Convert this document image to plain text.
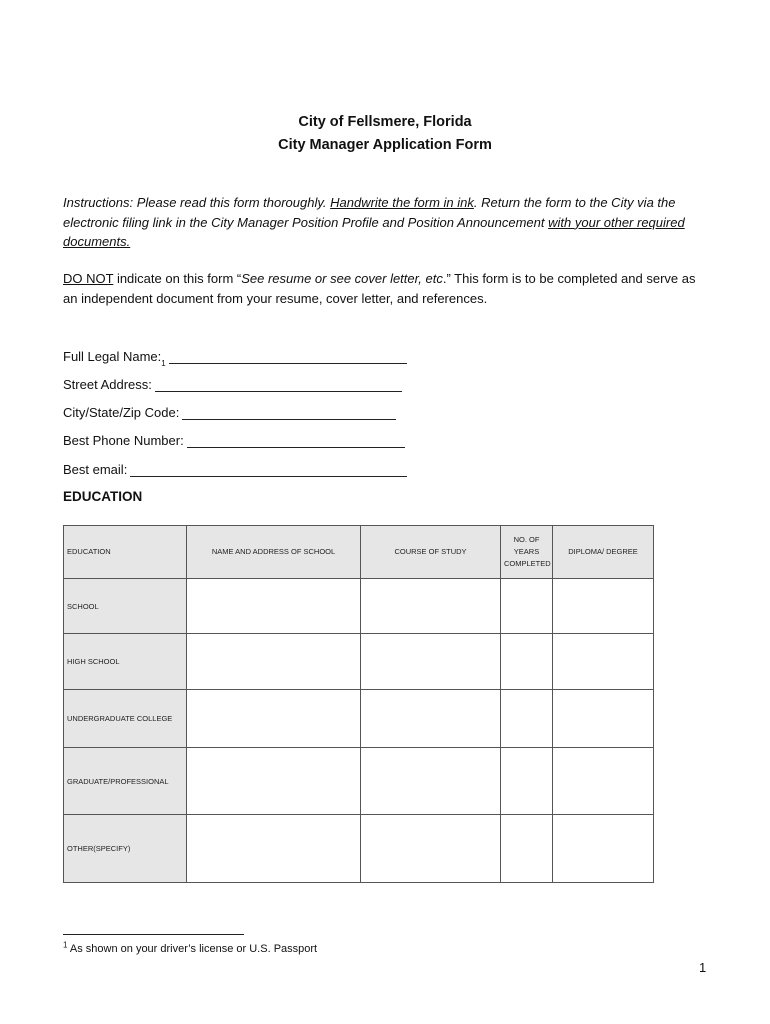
City of Fellsmere, Florida
City Manager Application Form
Instructions: Please read this form thoroughly. Handwrite the form in ink. Return the form to the City via the electronic filing link in the City Manager Position Profile and Position Announcement with your other required documents.
DO NOT indicate on this form “See resume or see cover letter, etc.” This form is to be completed and serve as an independent document from your resume, cover letter, and references.
Full Legal Name: 1
Street Address:
City/State/Zip Code:
Best Phone Number:
Best email:
EDUCATION
EDUCATION	NAME AND ADDRESS OF SCHOOL	COURSE OF STUDY	NO. OF YEARS COMPLETED	DIPLOMA/ DEGREE
SCHOOL				
HIGH SCHOOL				
UNDERGRADUATE COLLEGE				
GRADUATE/PROFESSIONAL				
OTHER(SPECIFY)				
$^1$ As shown on your driver’s license or U.S. Passport
1
